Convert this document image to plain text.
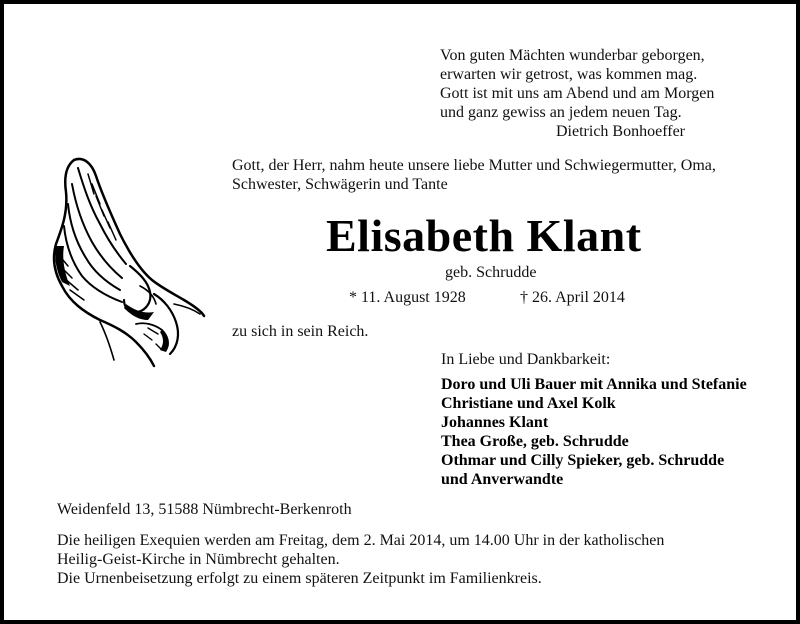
Von guten Mächten wunderbar geborgen,
erwarten wir getrost, was kommen mag.
Gott ist mit uns am Abend und am Morgen
und ganz gewiss an jedem neuen Tag.
Dietrich Bonhoeffer
Gott, der Herr, nahm heute unsere liebe Mutter und Schwiegermutter, Oma,
Schwester, Schwägerin und Tante
Elisabeth Klant
geb. Schrudde
* 11. August 1928	† 26. April 2014
zu sich in sein Reich.
In Liebe und Dankbarkeit:
Doro und Uli Bauer mit Annika und Stefanie
Christiane und Axel Kolk
Johannes Klant
Thea Große, geb. Schrudde
Othmar und Cilly Spieker, geb. Schrudde
und Anverwandte
Weidenfeld 13, 51588 Nümbrecht-Berkenroth
Die heiligen Exequien werden am Freitag, dem 2. Mai 2014, um 14.00 Uhr in der katholischen
Heilig-Geist-Kirche in Nümbrecht gehalten.
Die Urnenbeisetzung erfolgt zu einem späteren Zeitpunkt im Familienkreis.
